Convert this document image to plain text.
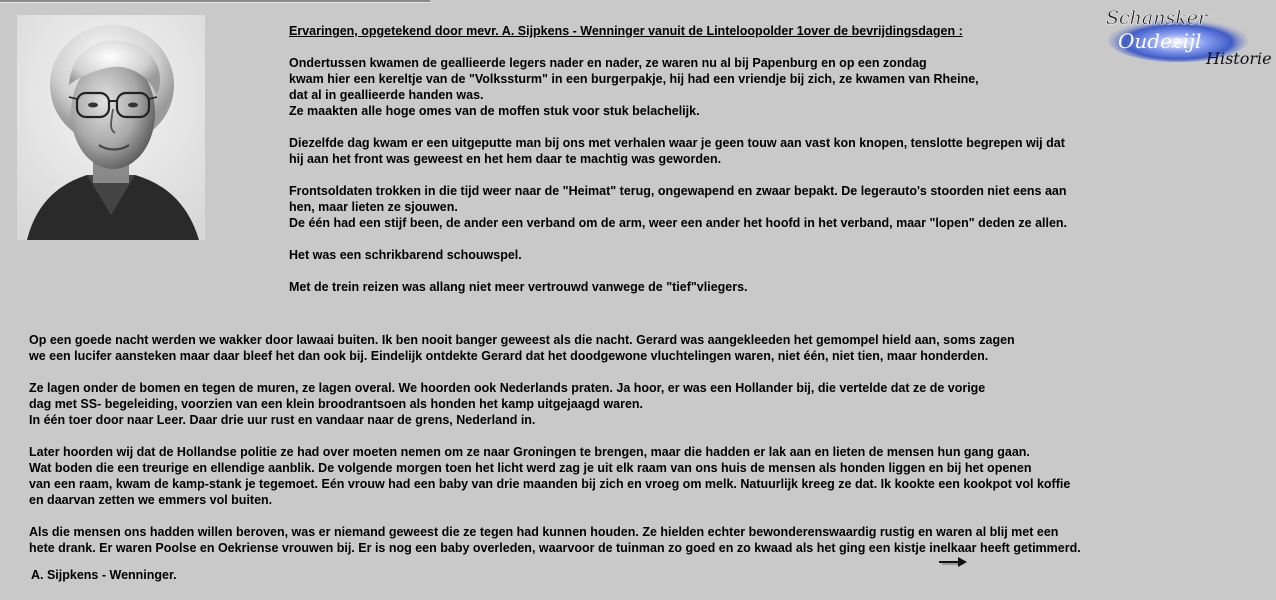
Schansker
Oudezijl
Historie
Ervaringen, opgetekend door mevr. A. Sijpkens - Wenninger vanuit de Linteloopolder 1over de bevrijdingsdagen :
Ondertussen kwamen de geallieerde legers nader en nader, ze waren nu al bij Papenburg en op een zondag
kwam hier een kereltje van de "Volkssturm" in een burgerpakje, hij had een vriendje bij zich, ze kwamen van Rheine,
dat al in geallieerde handen was.
Ze maakten alle hoge omes van de moffen stuk voor stuk belachelijk.
Diezelfde dag kwam er een uitgeputte man bij ons met verhalen waar je geen touw aan vast kon knopen, tenslotte begrepen wij dat
hij aan het front was geweest en het hem daar te machtig was geworden.
Frontsoldaten trokken in die tijd weer naar de "Heimat" terug, ongewapend en zwaar bepakt. De legerauto's stoorden niet eens aan
hen, maar lieten ze sjouwen.
De één had een stijf been, de ander een verband om de arm, weer een ander het hoofd in het verband, maar "lopen" deden ze allen.
Het was een schrikbarend schouwspel.
Met de trein reizen was allang niet meer vertrouwd vanwege de "tief"vliegers.
Op een goede nacht werden we wakker door lawaai buiten. Ik ben nooit banger geweest als die nacht. Gerard was aangekleeden het gemompel hield aan, soms zagen
we een lucifer aansteken maar daar bleef het dan ook bij. Eindelijk ontdekte Gerard dat het doodgewone vluchtelingen waren, niet één, niet tien, maar honderden.
Ze lagen onder de bomen en tegen de muren, ze lagen overal. We hoorden ook Nederlands praten. Ja hoor, er was een Hollander bij, die vertelde dat ze de vorige
dag met SS- begeleiding, voorzien van een klein broodrantsoen als honden het kamp uitgejaagd waren.
In één toer door naar Leer. Daar drie uur rust en vandaar naar de grens, Nederland in.
Later hoorden wij dat de Hollandse politie ze had over moeten nemen om ze naar Groningen te brengen, maar die hadden er lak aan en lieten de mensen hun gang gaan.
Wat boden die een treurige en ellendige aanblik. De volgende morgen toen het licht werd zag je uit elk raam van ons huis de mensen als honden liggen en bij het openen
van een raam, kwam de kamp-stank je tegemoet. Eén vrouw had een baby van drie maanden bij zich en vroeg om melk. Natuurlijk kreeg ze dat. Ik kookte een kookpot vol koffie
en daarvan zetten we emmers vol buiten.
Als die mensen ons hadden willen beroven, was er niemand geweest die ze tegen had kunnen houden. Ze hielden echter bewonderenswaardig rustig en waren al blij met een
hete drank. Er waren Poolse en Oekriense vrouwen bij. Er is nog een baby overleden, waarvoor de tuinman zo goed en zo kwaad als het ging een kistje inelkaar heeft getimmerd.
A. Sijpkens - Wenninger.
